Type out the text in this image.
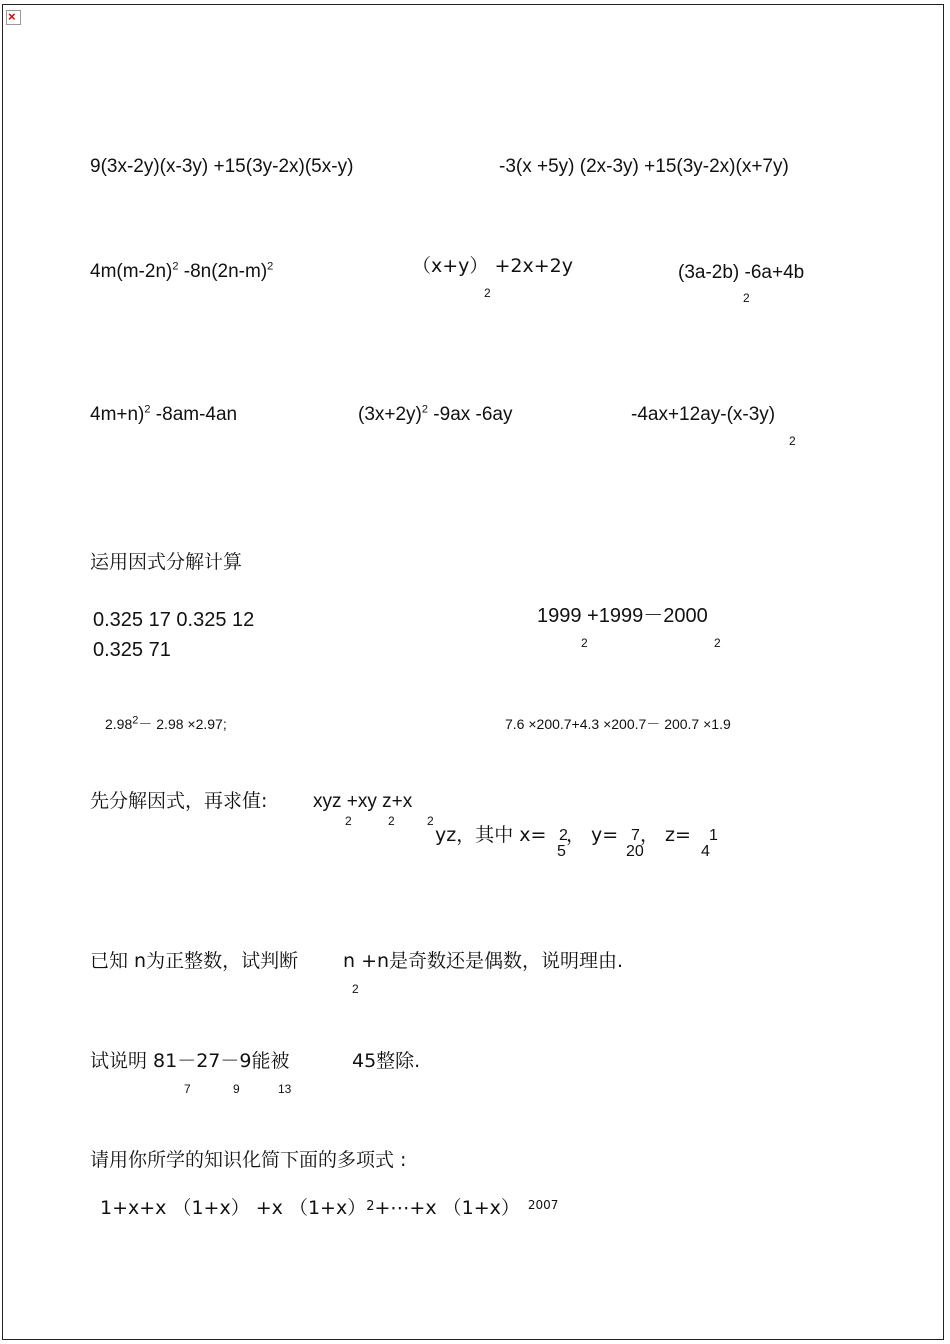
×
9(3x-2y)(x-3y) +15(3y-2x)(5x-y)	-3(x +5y) (2x-3y) +15(3y-2x)(x+7y)
$4m(m-2n)^2$ $-8n(2n-m)^2$	（x+y） +2x+2y
2
(3a-2b) -6a+4b
2
4m+n)$^2$ -8am-4an	$(3x+2y)^2$ -9ax -6ay	-4ax+12ay-(x-3y)
2
运用因式分解计算
0.325 17 0.325 12
0.325 71
1999 +1999－2000
2	2
$2.98^2- 2.98 \times 2.97$;	7.6 ×200.7+4.3 ×200.7－ 200.7 ×1.9
先分解因式，再求值: xyz +xy z+x
2	2	2
yz，其中 x= 2
5
， y= 7
20
， z= 1
4
已知 n为正整数，试判断 n +n是奇数还是偶数，说明理由.
2
试说明 81－27－9能被	45整除.
7	9	13
请用你所学的知识化简下面的多项式 :
1+x+x （1+x） +x $(1+x)^2+\cdots+x$ （1+x） $^{2007}$
